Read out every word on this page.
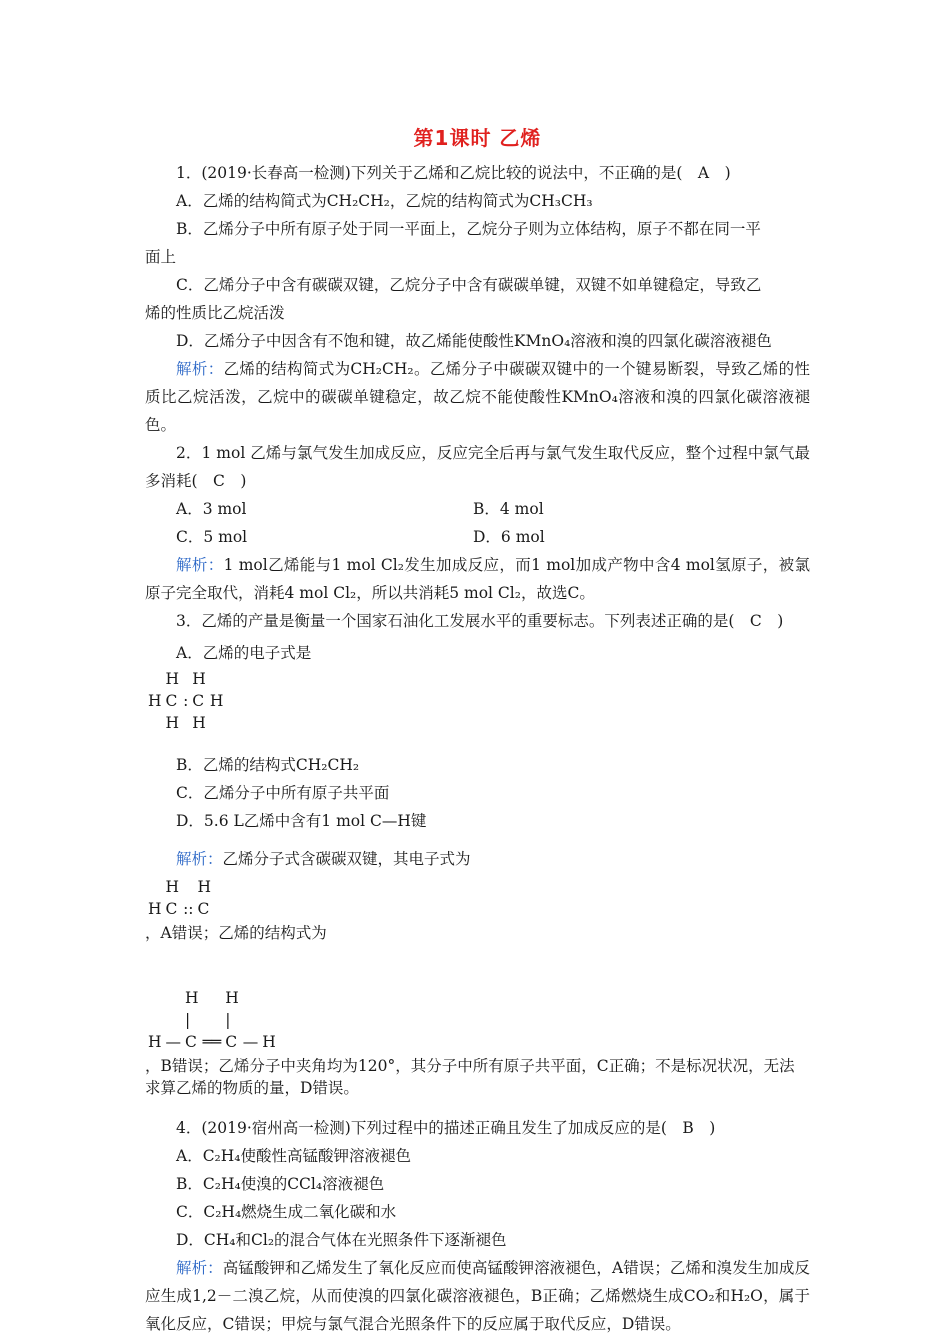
第1课时 乙烯

1．(2019·长春高一检测)下列关于乙烯和乙烷比较的说法中，不正确的是(　A　)

A．乙烯的结构简式为CH₂CH₂，乙烷的结构简式为CH₃CH₃

B．乙烯分子中所有原子处于同一平面上，乙烷分子则为立体结构，原子不都在同一平

面上

C．乙烯分子中含有碳碳双键，乙烷分子中含有碳碳单键，双键不如单键稳定，导致乙

烯的性质比乙烷活泼

D．乙烯分子中因含有不饱和键，故乙烯能使酸性KMnO₄溶液和溴的四氯化碳溶液褪色

解析：乙烯的结构简式为CH₂CH₂。乙烯分子中碳碳双键中的一个键易断裂，导致乙烯的性质比乙烷活泼，乙烷中的碳碳单键稳定，故乙烷不能使酸性KMnO₄溶液和溴的四氯化碳溶液褪色。

2．1 mol 乙烯与氯气发生加成反应，反应完全后再与氯气发生取代反应，整个过程中氯气最多消耗(　C　)

A．3 mol	B．4 mol
C．5 mol	D．6 mol

解析：1 mol乙烯能与1 mol Cl₂发生加成反应，而1 mol加成产物中含4 mol氢原子，被氯原子完全取代，消耗4 mol Cl₂，所以共消耗5 mol Cl₂，故选C。

3．乙烯的产量是衡量一个国家石油化工发展水平的重要标志。下列表述正确的是(　C　)

A．乙烯的电子式是

	H		H	
H	C	:	C	H
	H		H	

B．乙烯的结构式CH₂CH₂

C．乙烯分子中所有原子共平面

D．5.6 L乙烯中含有1 mol C—H键

解析：乙烯分子式含碳碳双键，其电子式为

	H		H
H	C	::	C
，A错误；乙烯的结构式为

		H		H		
		|		|		
H	—	C	══	C	—	H
，B错误；乙烯分子中夹角均为120°，其分子中所有原子共平面，C正确；不是标况状况，无法求算乙烯的物质的量，D错误。

4．(2019·宿州高一检测)下列过程中的描述正确且发生了加成反应的是(　B　)

A．C₂H₄使酸性高锰酸钾溶液褪色

B．C₂H₄使溴的CCl₄溶液褪色

C．C₂H₄燃烧生成二氧化碳和水

D．CH₄和Cl₂的混合气体在光照条件下逐渐褪色

解析：高锰酸钾和乙烯发生了氧化反应而使高锰酸钾溶液褪色，A错误；乙烯和溴发生加成反应生成1,2－二溴乙烷，从而使溴的四氯化碳溶液褪色，B正确；乙烯燃烧生成CO₂和H₂O，属于氧化反应，C错误；甲烷与氯气混合光照条件下的反应属于取代反应，D错误。
